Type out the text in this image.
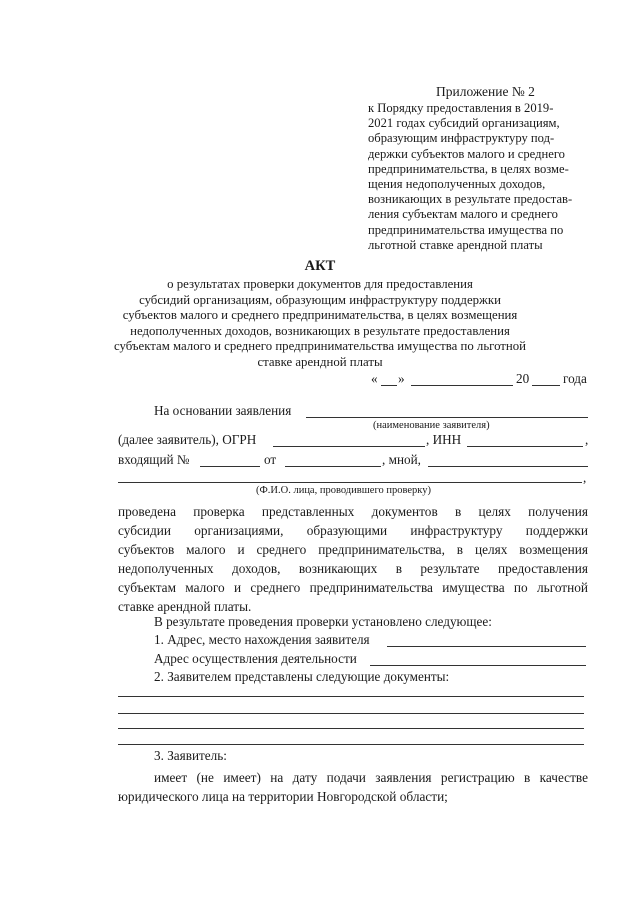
Приложение № 2
к Порядку предоставления в 2019-
2021 годах субсидий организациям,
образующим инфраструктуру под-
держки субъектов малого и среднего
предпринимательства, в целях возме-
щения недополученных доходов,
возникающих в результате предостав-
ления субъектам малого и среднего
предпринимательства имущества по
льготной ставке арендной платы
АКТ
о результатах проверки документов для предоставления
субсидий организациям, образующим инфраструктуру поддержки
субъектов малого и среднего предпринимательства, в целях возмещения
недополученных доходов, возникающих в результате предоставления
субъектам малого и среднего предпринимательства имущества по льготной
ставке арендной платы
« »	20	года
На основании заявления
(наименование заявителя)
(далее заявитель), ОГРН	, ИНН	,
входящий №	от	, мной,
,
(Ф.И.О. лица, проводившего проверку)
проведена проверка представленных документов в целях получения
субсидии организациями, образующими инфраструктуру поддержки
субъектов малого и среднего предпринимательства, в целях возмещения
недополученных доходов, возникающих в результате предоставления
субъектам малого и среднего предпринимательства имущества по льготной
ставке арендной платы.
В результате проведения проверки установлено следующее:
1. Адрес, место нахождения заявителя
Адрес осуществления деятельности
2. Заявителем представлены следующие документы:
3. Заявитель:
имеет (не имеет) на дату подачи заявления регистрацию в качестве
юридического лица на территории Новгородской области;
